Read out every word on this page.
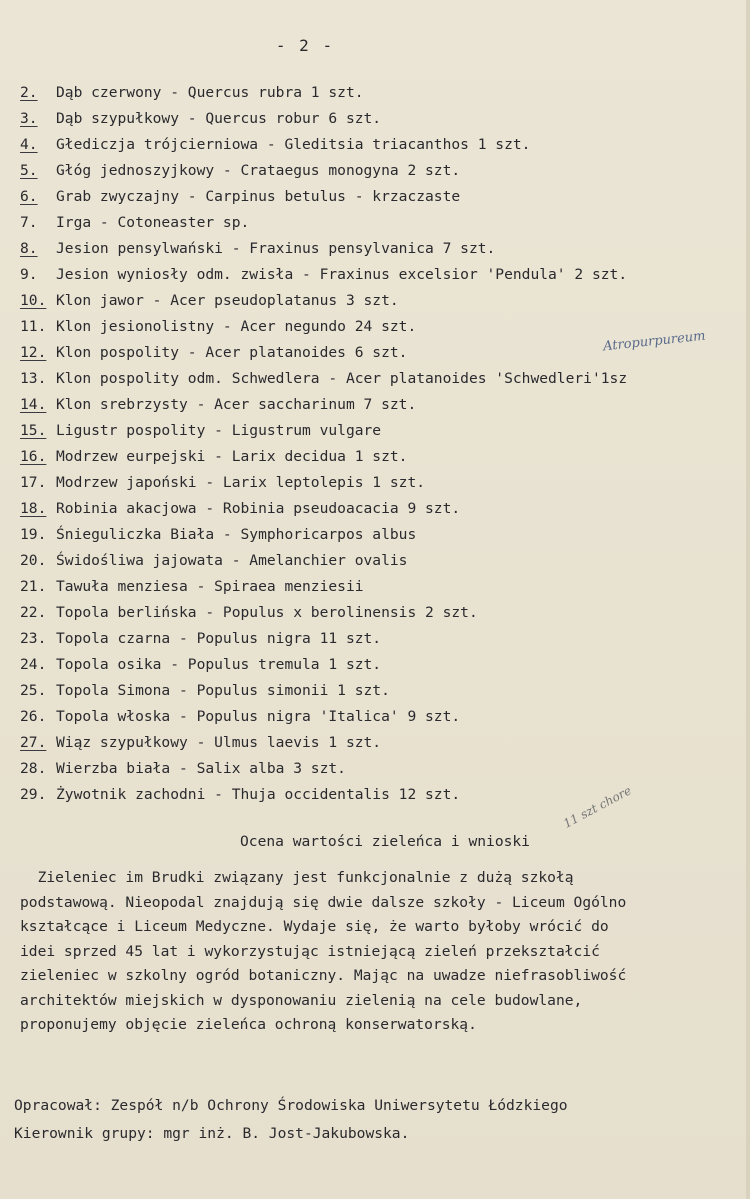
- 2 -
2. Dąb czerwony - Quercus rubra 1 szt.
3. Dąb szypułkowy - Quercus robur 6 szt.
4. Głediczja trójcierniowa - Gleditsia triacanthos 1 szt.
5. Głóg jednoszyjkowy - Crataegus monogyna 2 szt.
6. Grab zwyczajny - Carpinus betulus - krzaczaste
7. Irga - Cotoneaster sp.
8. Jesion pensylwański - Fraxinus pensylvanica 7 szt.
9. Jesion wyniosły odm. zwisła - Fraxinus excelsior 'Pendula' 2 szt.
10. Klon jawor - Acer pseudoplatanus 3 szt.
11. Klon jesionolistny - Acer negundo 24 szt.
12. Klon pospolity - Acer platanoides 6 szt.
13. Klon pospolity odm. Schwedlera - Acer platanoides 'Schwedleri'1sz
14. Klon srebrzysty - Acer saccharinum 7 szt.
15. Ligustr pospolity - Ligustrum vulgare
16. Modrzew eurpejski - Larix decidua 1 szt.
17. Modrzew japoński - Larix leptolepis 1 szt.
18. Robinia akacjowa - Robinia pseudoacacia 9 szt.
19. Śnieguliczka Biała - Symphoricarpos albus
20. Świdośliwa jajowata - Amelanchier ovalis
21. Tawuła menziesa - Spiraea menziesii
22. Topola berlińska - Populus x berolinensis 2 szt.
23. Topola czarna - Populus nigra 11 szt.
24. Topola osika - Populus tremula 1 szt.
25. Topola Simona - Populus simonii 1 szt.
26. Topola włoska - Populus nigra 'Italica' 9 szt.
27. Wiąz szypułkowy - Ulmus laevis 1 szt.
28. Wierzba biała - Salix alba 3 szt.
29. Żywotnik zachodni - Thuja occidentalis 12 szt.
Atropurpureum
11 szt chore
Ocena wartości zieleńca i wnioski
Zieleniec im Brudki związany jest funkcjonalnie z dużą szkołą
podstawową. Nieopodal znajdują się dwie dalsze szkoły - Liceum Ogólno
kształcące i Liceum Medyczne. Wydaje się, że warto byłoby wrócić do
idei sprzed 45 lat i wykorzystując istniejącą zieleń przekształcić
zieleniec w szkolny ogród botaniczny. Mając na uwadze niefrasobliwość
architektów miejskich w dysponowaniu zielenią na cele budowlane,
proponujemy objęcie zieleńca ochroną konserwatorską.
Opracował: Zespół n/b Ochrony Środowiska Uniwersytetu Łódzkiego
Kierownik grupy: mgr inż. B. Jost-Jakubowska.
